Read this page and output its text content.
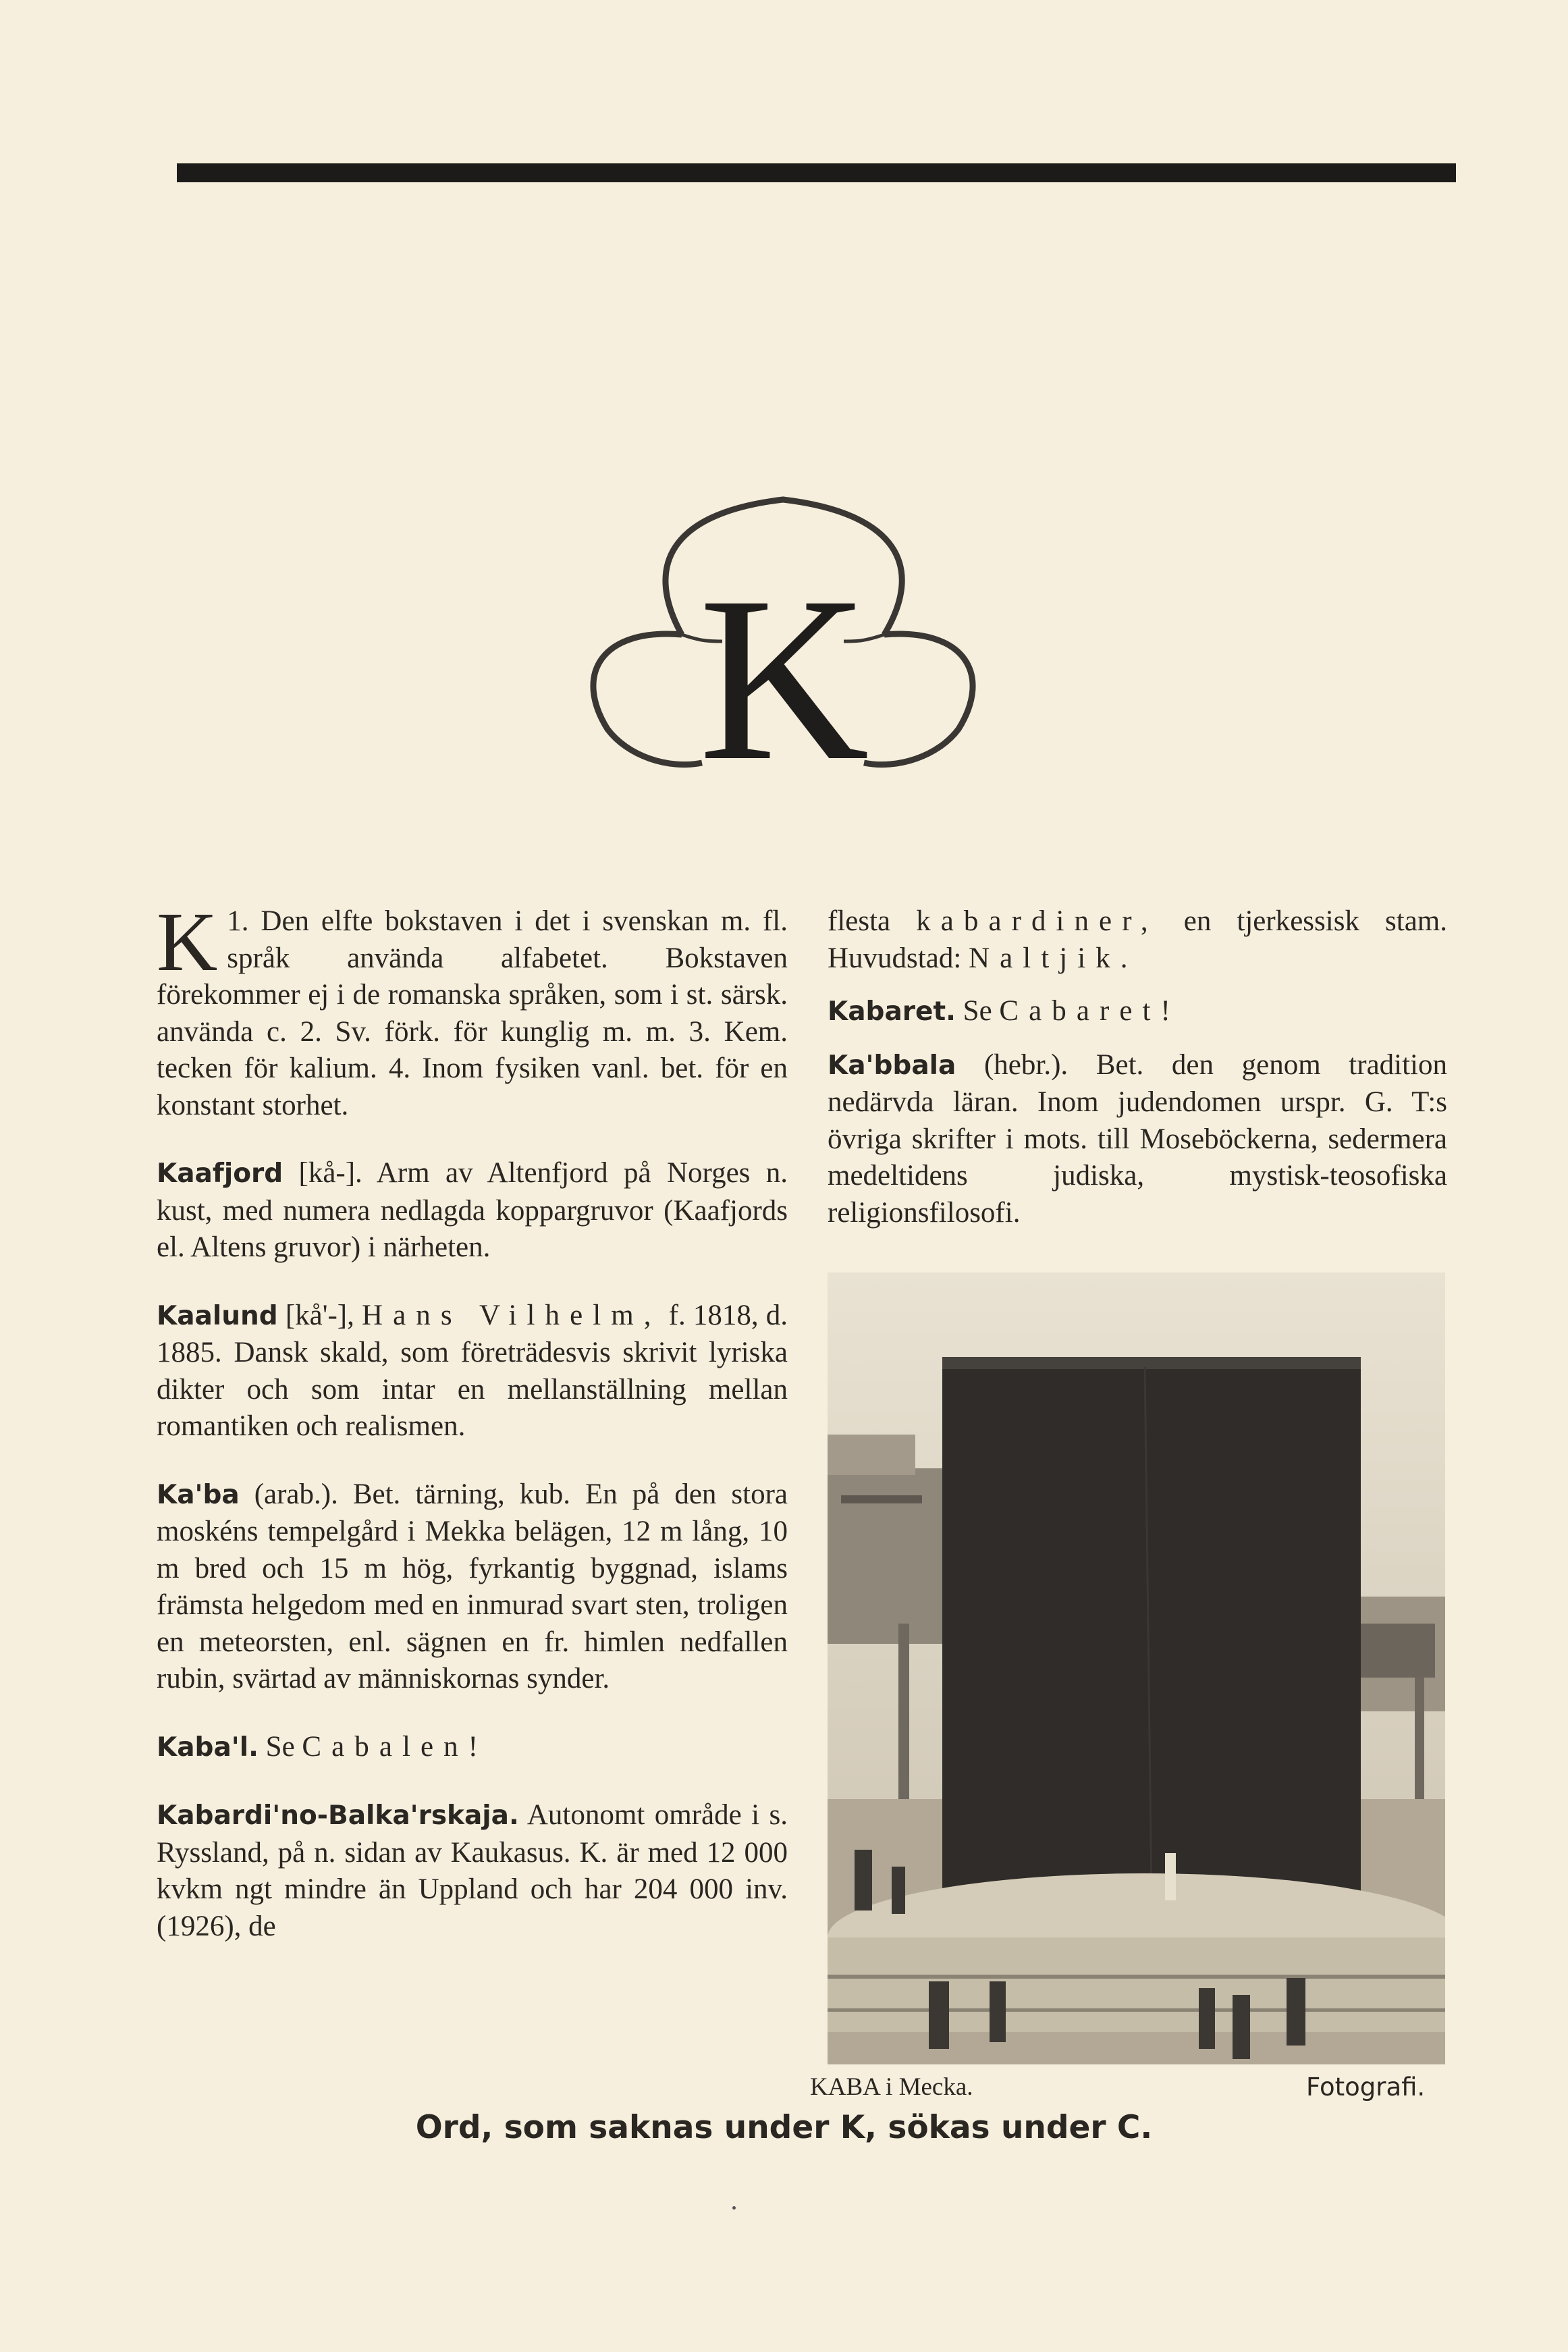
K

K 1. Den elfte bokstaven i det i svenskan m. fl. språk använda alfabetet. Bokstaven förekommer ej i de romanska språken, som i st. särsk. använda c. 2. Sv. förk. för kunglig m. m. 3. Kem. tecken för kalium. 4. Inom fysiken vanl. bet. för en konstant storhet.

Kaafjord [kå-]. Arm av Altenfjord på Norges n. kust, med numera nedlagda koppargruvor (Kaafjords el. Altens gruvor) i närheten.

Kaalund [kå'-], Hans Vilhelm, f. 1818, d. 1885. Dansk skald, som företrädesvis skrivit lyriska dikter och som intar en mellanställning mellan romantiken och realismen.

Ka'ba (arab.). Bet. tärning, kub. En på den stora moskéns tempelgård i Mekka belägen, 12 m lång, 10 m bred och 15 m hög, fyrkantig byggnad, islams främsta helgedom med en inmurad svart sten, troligen en meteorsten, enl. sägnen en fr. himlen nedfallen rubin, svärtad av människornas synder.

Kaba'l. Se Cabalen!

Kabardi'no-Balka'rskaja. Autonomt område i s. Ryssland, på n. sidan av Kaukasus. K. är med 12 000 kvkm ngt mindre än Uppland och har 204 000 inv. (1926), de

flesta kabardiner, en tjerkessisk stam. Huvudstad: Naltjik.

Kabaret. Se Cabaret!

Ka'bbala (hebr.). Bet. den genom tradition nedärvda läran. Inom judendomen urspr. G. T:s övriga skrifter i mots. till Moseböckerna, sedermera medeltidens judiska, mystisk-teosofiska religionsfilosofi.

KABA i Mecka.	Fotografi.
Ord, som saknas under K, sökas under C.
